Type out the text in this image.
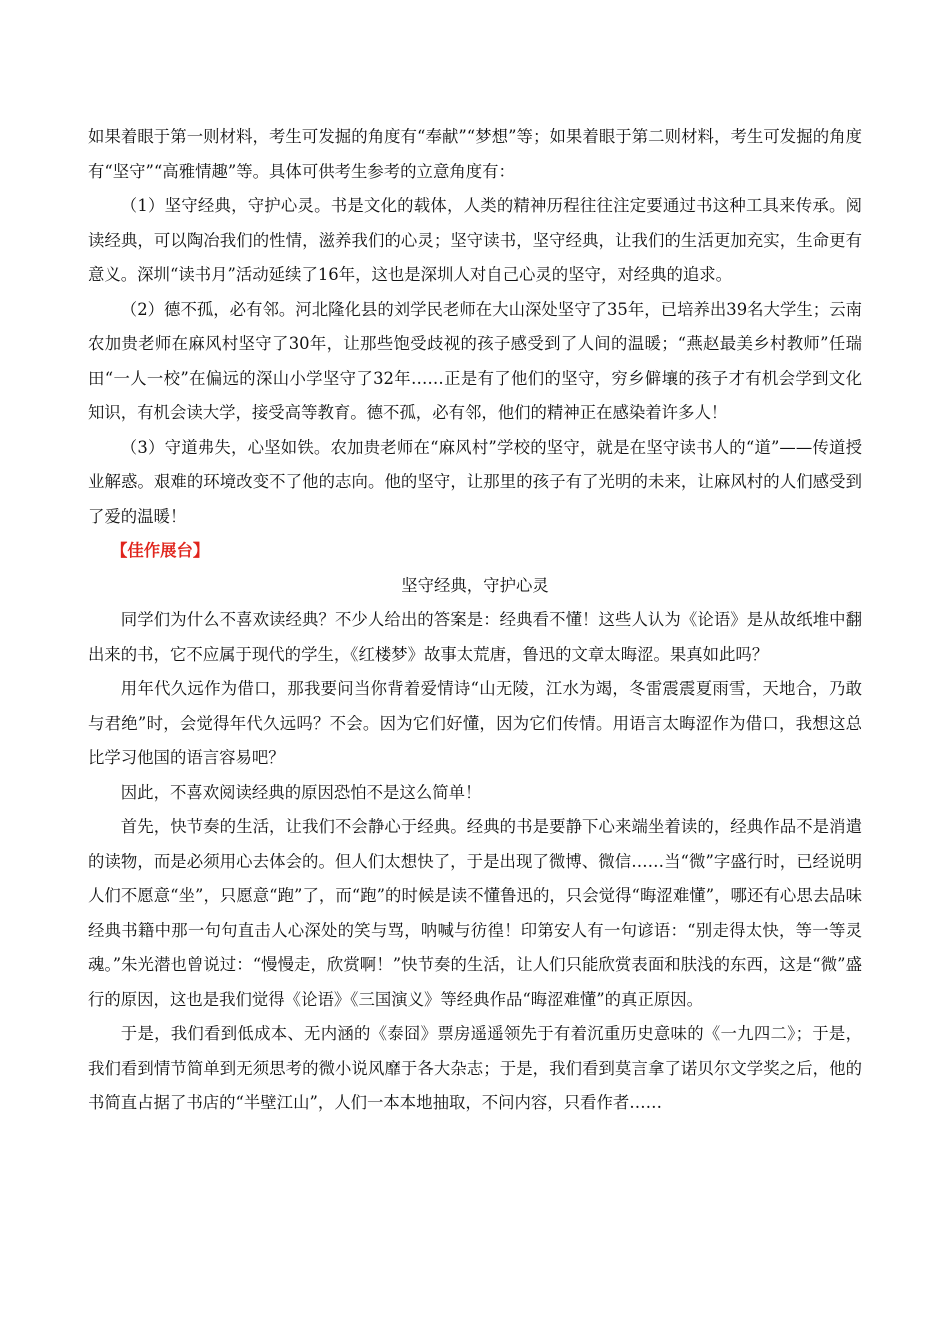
如果着眼于第一则材料，考生可发掘的角度有“奉献”“梦想”等；如果着眼于第二则材料，考生可发掘的角度有“坚守”“高雅情趣”等。具体可供考生参考的立意角度有：

（1）坚守经典，守护心灵。书是文化的载体，人类的精神历程往往注定要通过书这种工具来传承。阅读经典，可以陶冶我们的性情，滋养我们的心灵；坚守读书，坚守经典，让我们的生活更加充实，生命更有意义。深圳“读书月”活动延续了16年，这也是深圳人对自己心灵的坚守，对经典的追求。

（2）德不孤，必有邻。河北隆化县的刘学民老师在大山深处坚守了35年，已培养出39名大学生；云南农加贵老师在麻风村坚守了30年，让那些饱受歧视的孩子感受到了人间的温暖；“燕赵最美乡村教师”任瑞田“一人一校”在偏远的深山小学坚守了32年……正是有了他们的坚守，穷乡僻壤的孩子才有机会学到文化知识，有机会读大学，接受高等教育。德不孤，必有邻，他们的精神正在感染着许多人！

（3）守道弗失，心坚如铁。农加贵老师在“麻风村”学校的坚守，就是在坚守读书人的“道”——传道授业解惑。艰难的环境改变不了他的志向。他的坚守，让那里的孩子有了光明的未来，让麻风村的人们感受到了爱的温暖！

【佳作展台】

坚守经典，守护心灵

同学们为什么不喜欢读经典？不少人给出的答案是：经典看不懂！这些人认为《论语》是从故纸堆中翻出来的书，它不应属于现代的学生，《红楼梦》故事太荒唐，鲁迅的文章太晦涩。果真如此吗？

用年代久远作为借口，那我要问当你背着爱情诗“山无陵，江水为竭，冬雷震震夏雨雪，天地合，乃敢与君绝”时，会觉得年代久远吗？不会。因为它们好懂，因为它们传情。用语言太晦涩作为借口，我想这总比学习他国的语言容易吧？

因此，不喜欢阅读经典的原因恐怕不是这么简单！

首先，快节奏的生活，让我们不会静心于经典。经典的书是要静下心来端坐着读的，经典作品不是消遣的读物，而是必须用心去体会的。但人们太想快了，于是出现了微博、微信……当“微”字盛行时，已经说明人们不愿意“坐”，只愿意“跑”了，而“跑”的时候是读不懂鲁迅的，只会觉得“晦涩难懂”，哪还有心思去品味经典书籍中那一句句直击人心深处的笑与骂，呐喊与彷徨！印第安人有一句谚语：“别走得太快，等一等灵魂。”朱光潜也曾说过：“慢慢走，欣赏啊！”快节奏的生活，让人们只能欣赏表面和肤浅的东西，这是“微”盛行的原因，这也是我们觉得《论语》《三国演义》等经典作品“晦涩难懂”的真正原因。

于是，我们看到低成本、无内涵的《泰囧》票房遥遥领先于有着沉重历史意味的《一九四二》；于是，我们看到情节简单到无须思考的微小说风靡于各大杂志；于是，我们看到莫言拿了诺贝尔文学奖之后，他的书简直占据了书店的“半壁江山”，人们一本本地抽取，不问内容，只看作者……
